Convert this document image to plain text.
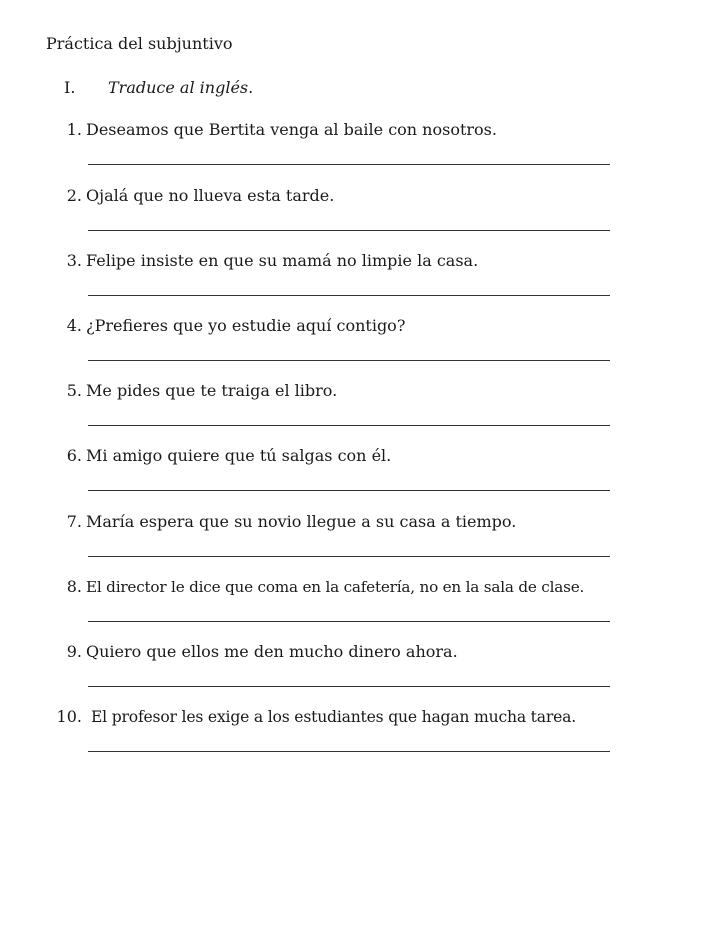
Práctica del subjuntivo
I. Traduce al inglés.
1. Deseamos que Bertita venga al baile con nosotros.
2. Ojalá que no llueva esta tarde.
3. Felipe insiste en que su mamá no limpie la casa.
4. ¿Prefieres que yo estudie aquí contigo?
5. Me pides que te traiga el libro.
6. Mi amigo quiere que tú salgas con él.
7. María espera que su novio llegue a su casa a tiempo.
8. El director le dice que coma en la cafetería, no en la sala de clase.
9. Quiero que ellos me den mucho dinero ahora.
10. El profesor les exige a los estudiantes que hagan mucha tarea.
